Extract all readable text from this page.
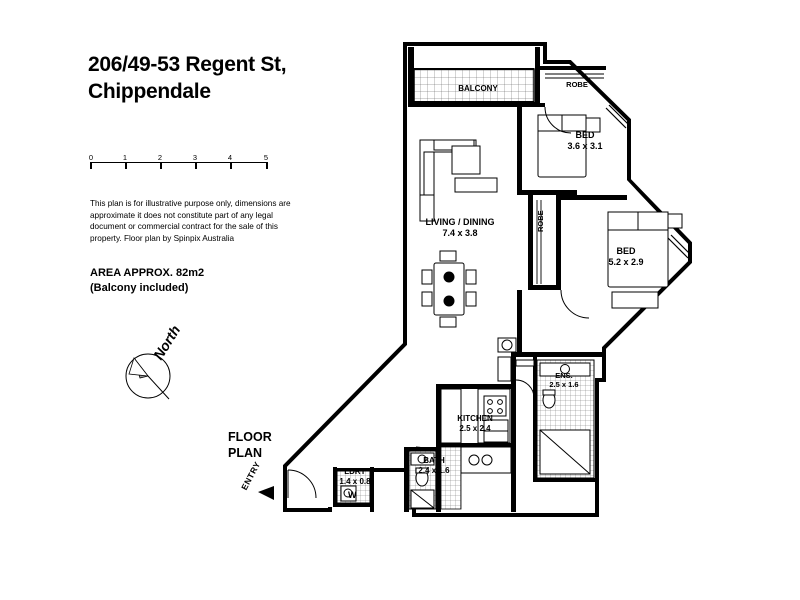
206/49-53 Regent St,
Chippendale
0	1	2	3	4	5
This plan is for illustrative purpose only, dimensions are approximate it does not constitute part of any legal document or commercial contract for the sale of this property. Floor plan by Spinpix Australia
AREA APPROX. 82m2
(Balcony included)
North
FLOOR
PLAN
ENTRY
BALCONY	ROBE
BED
3.6 x 3.1
BED
5.2 x 2.9
LIVING / DINING
7.4 x 3.8
ROBE
ENS.
2.5 x 1.6
KITCHEN
2.5 x 2.4
BATH
2.4 x 1.6
LDRY
1.4 x 0.8
W
